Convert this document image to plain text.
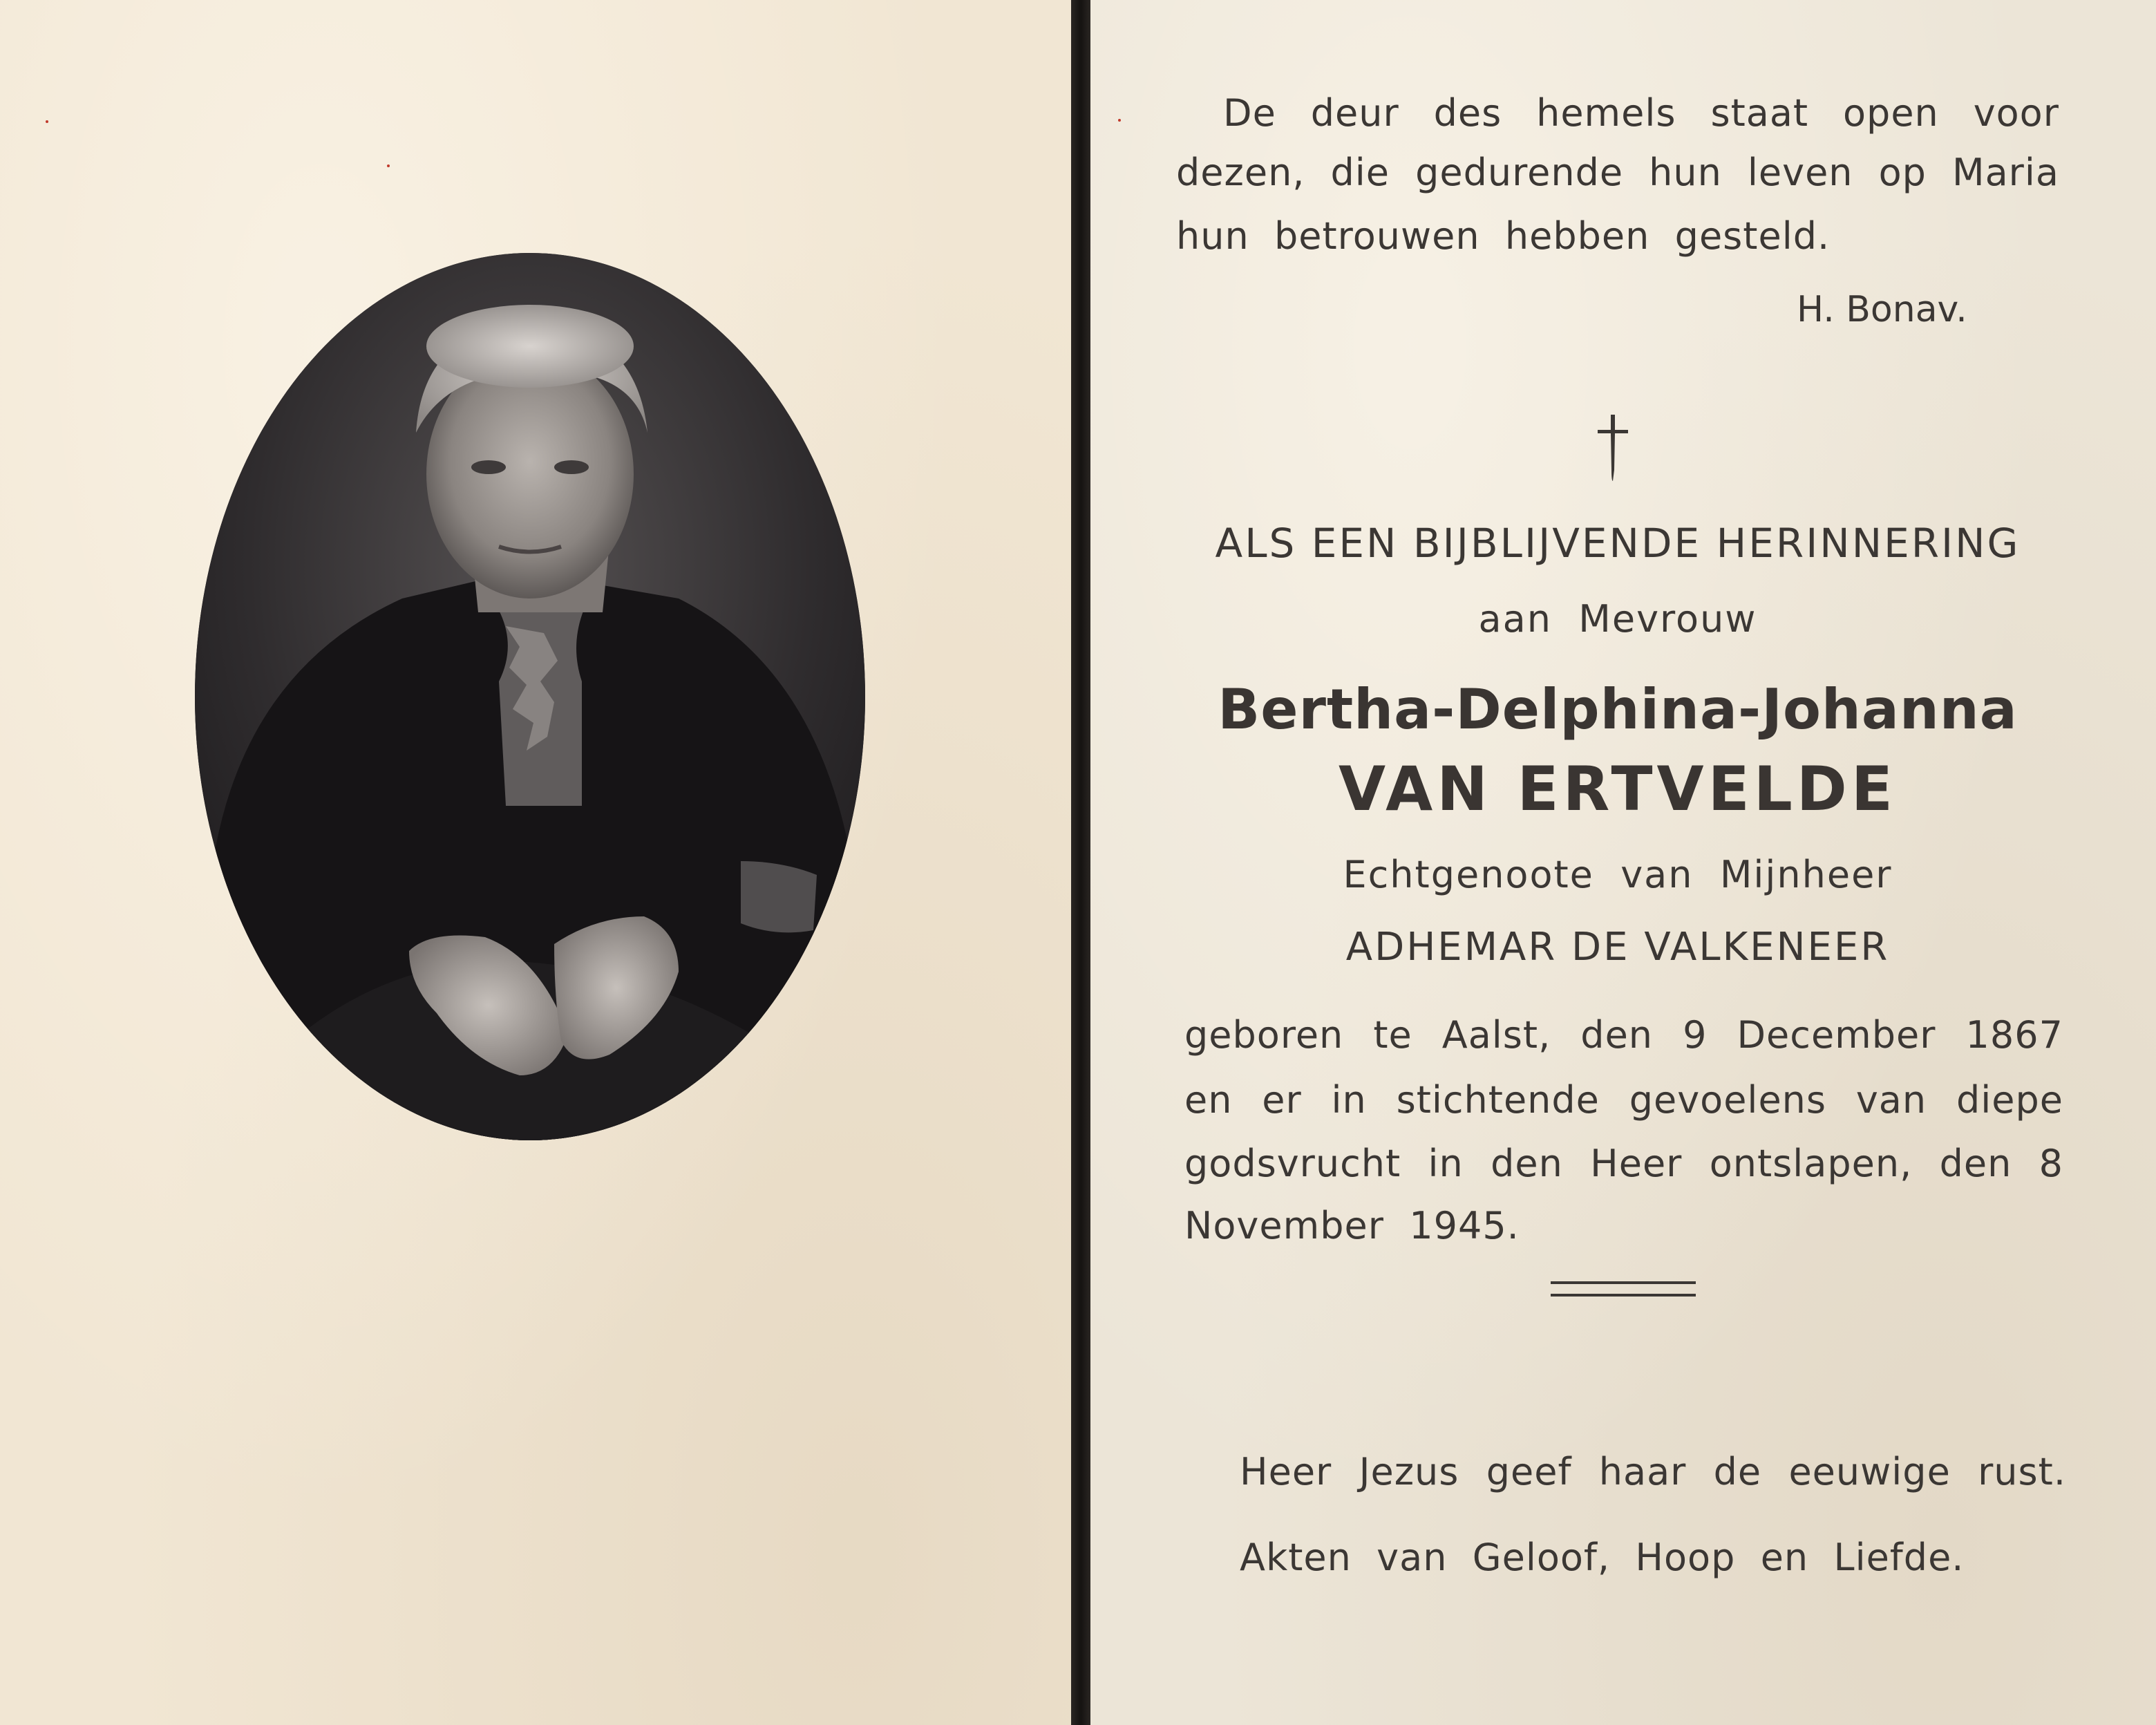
De deur des hemels staat open voor
dezen, die gedurende hun leven op Maria
hun  betrouwen  hebben  gesteld.
H. Bonav.
ALS EEN BIJBLIJVENDE HERINNERING
aan  Mevrouw
Bertha-Delphina-Johanna
VAN ERTVELDE
Echtgenoote  van  Mijnheer
ADHEMAR DE VALKENEER
geboren te Aalst, den 9 December 1867
en er in stichtende gevoelens van diepe
godsvrucht in den Heer ontslapen, den 8
November  1945.
Heer Jezus geef haar de eeuwige rust.
Akten  van  Geloof,  Hoop  en  Liefde.
